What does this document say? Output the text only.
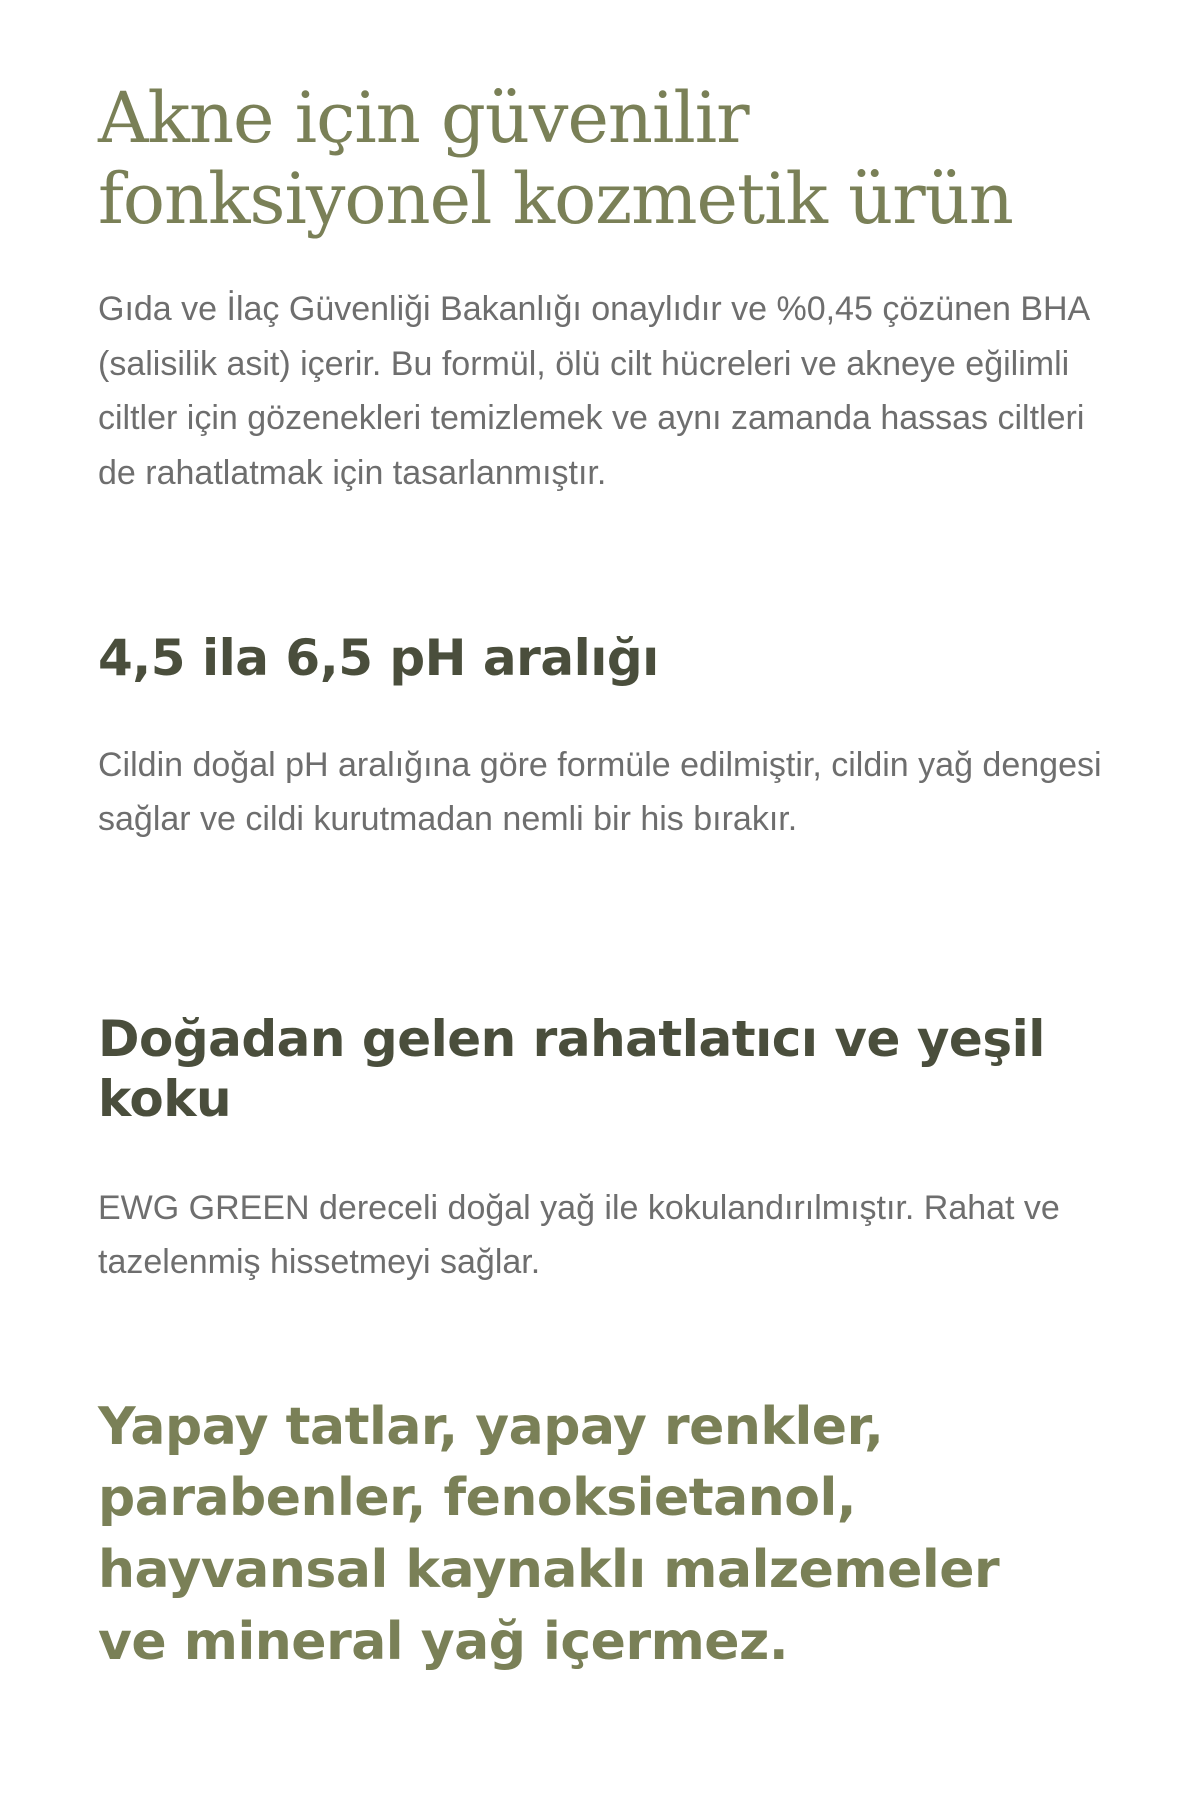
Akne için güvenilir fonksiyonel kozmetik ürün

Gıda ve İlaç Güvenliği Bakanlığı onaylıdır ve %0,45 çözünen BHA (salisilik asit) içerir. Bu formül, ölü cilt hücreleri ve akneye eğilimli ciltler için gözenekleri temizlemek ve aynı zamanda hassas ciltleri de rahatlatmak için tasarlanmıştır.

4,5 ila 6,5 pH aralığı

Cildin doğal pH aralığına göre formüle edilmiştir, cildin yağ dengesi sağlar ve cildi kurutmadan nemli bir his bırakır.

Doğadan gelen rahatlatıcı ve yeşil koku

EWG GREEN dereceli doğal yağ ile kokulandırılmıştır. Rahat ve tazelenmiş hissetmeyi sağlar.

Yapay tatlar, yapay renkler, parabenler, fenoksietanol, hayvansal kaynaklı malzemeler ve mineral yağ içermez.
